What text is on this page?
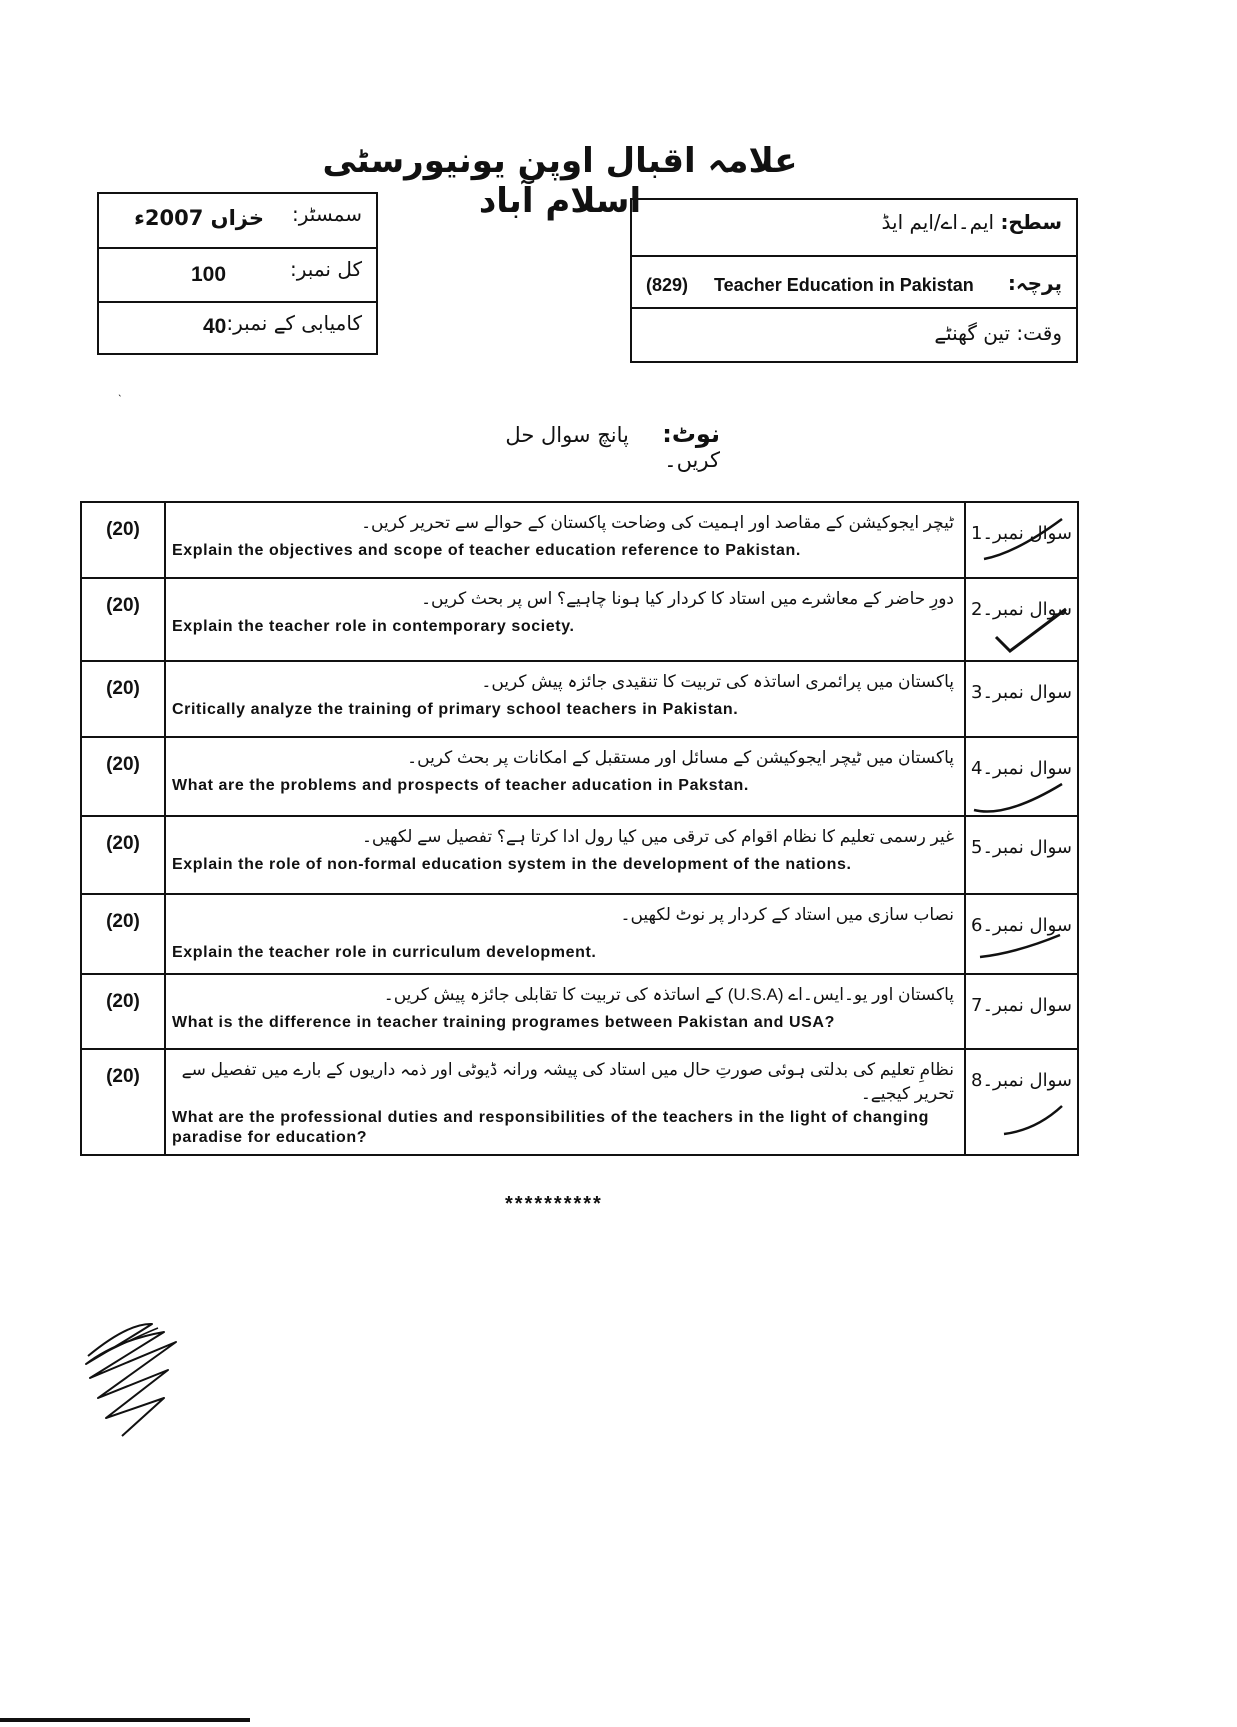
علامہ اقبال اوپن یونیورسٹی اسلام آباد
سمسٹر:
خزاں 2007ء
کل نمبر:
100
کامیابی کے نمبر:
40
سطح: ایم۔اے/ایم ایڈ
(829) Teacher Education in Pakistan پرچہ:
وقت: تین گھنٹے
نوٹ:  پانچ سوال حل کریں۔
(20)	ٹیچر ایجوکیشن کے مقاصد اور اہمیت کی وضاحت پاکستان کے حوالے سے تحریر کریں۔
Explain the objectives and scope of teacher education reference to Pakistan.	سوال نمبر۔1

(20)	دورِ حاضر کے معاشرے میں استاد کا کردار کیا ہونا چاہیے؟ اس پر بحث کریں۔
Explain the teacher role in contemporary society.	سوال نمبر۔2

(20)	پاکستان میں پرائمری اساتذہ کی تربیت کا تنقیدی جائزہ پیش کریں۔
Critically analyze the training of primary school teachers in Pakistan.	سوال نمبر۔3
(20)	پاکستان میں ٹیچر ایجوکیشن کے مسائل اور مستقبل کے امکانات پر بحث کریں۔
What are the problems and prospects of teacher aducation in Pakstan.	سوال نمبر۔4

(20)	غیر رسمی تعلیم کا نظام اقوام کی ترقی میں کیا رول ادا کرتا ہے؟ تفصیل سے لکھیں۔
Explain the role of non-formal education system in the development of the nations.	سوال نمبر۔5
(20)	نصاب سازی میں استاد کے کردار پر نوٹ لکھیں۔
Explain the teacher role in curriculum development.	سوال نمبر۔6

(20)	پاکستان اور یو۔ایس۔اے (U.S.A) کے اساتذہ کی تربیت کا تقابلی جائزہ پیش کریں۔
What is the difference in teacher training programes between Pakistan and USA?	سوال نمبر۔7
(20)	نظامِ تعلیم کی بدلتی ہوئی صورتِ حال میں استاد کی پیشہ ورانہ ڈیوٹی اور ذمہ داریوں کے بارے میں تفصیل سے تحریر کیجیے۔
What are the professional duties and responsibilities of the teachers in the light of changing paradise for education?	سوال نمبر۔8
**********
ˎ
